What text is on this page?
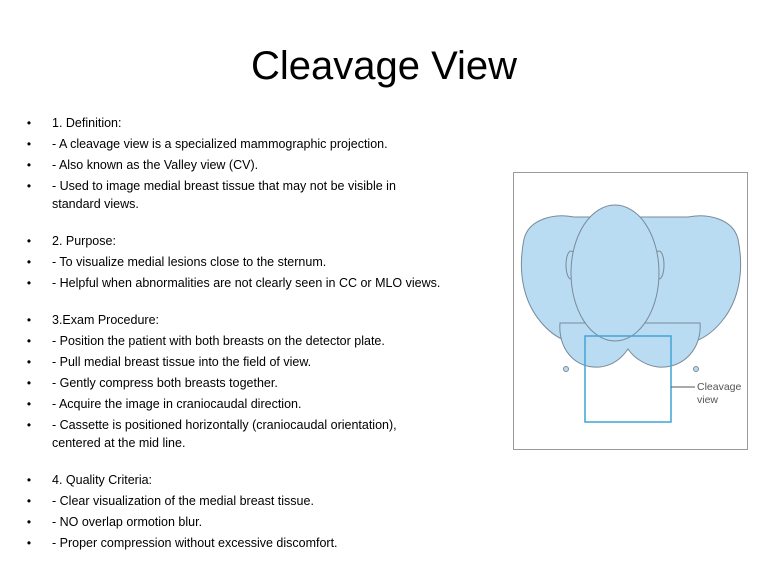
Cleavage View
• 1. Definition:
• - A cleavage view is a specialized mammographic projection.
• - Also known as the Valley view (CV).
• - Used to image medial breast tissue that may not be visible in standard views.
• 2. Purpose:
• - To visualize medial lesions close to the sternum.
• - Helpful when abnormalities are not clearly seen in CC or MLO views.
• 3.Exam Procedure:
• - Position the patient with both breasts on the detector plate.
• - Pull medial breast tissue into the field of view.
• - Gently compress both breasts together.
• - Acquire the image in craniocaudal direction.
• - Cassette is positioned horizontally (craniocaudal orientation), centered at the mid line.
• 4. Quality Criteria:
• - Clear visualization of the medial breast tissue.
• - NO overlap ormotion blur.
• - Proper compression without excessive discomfort.
Cleavage
view
